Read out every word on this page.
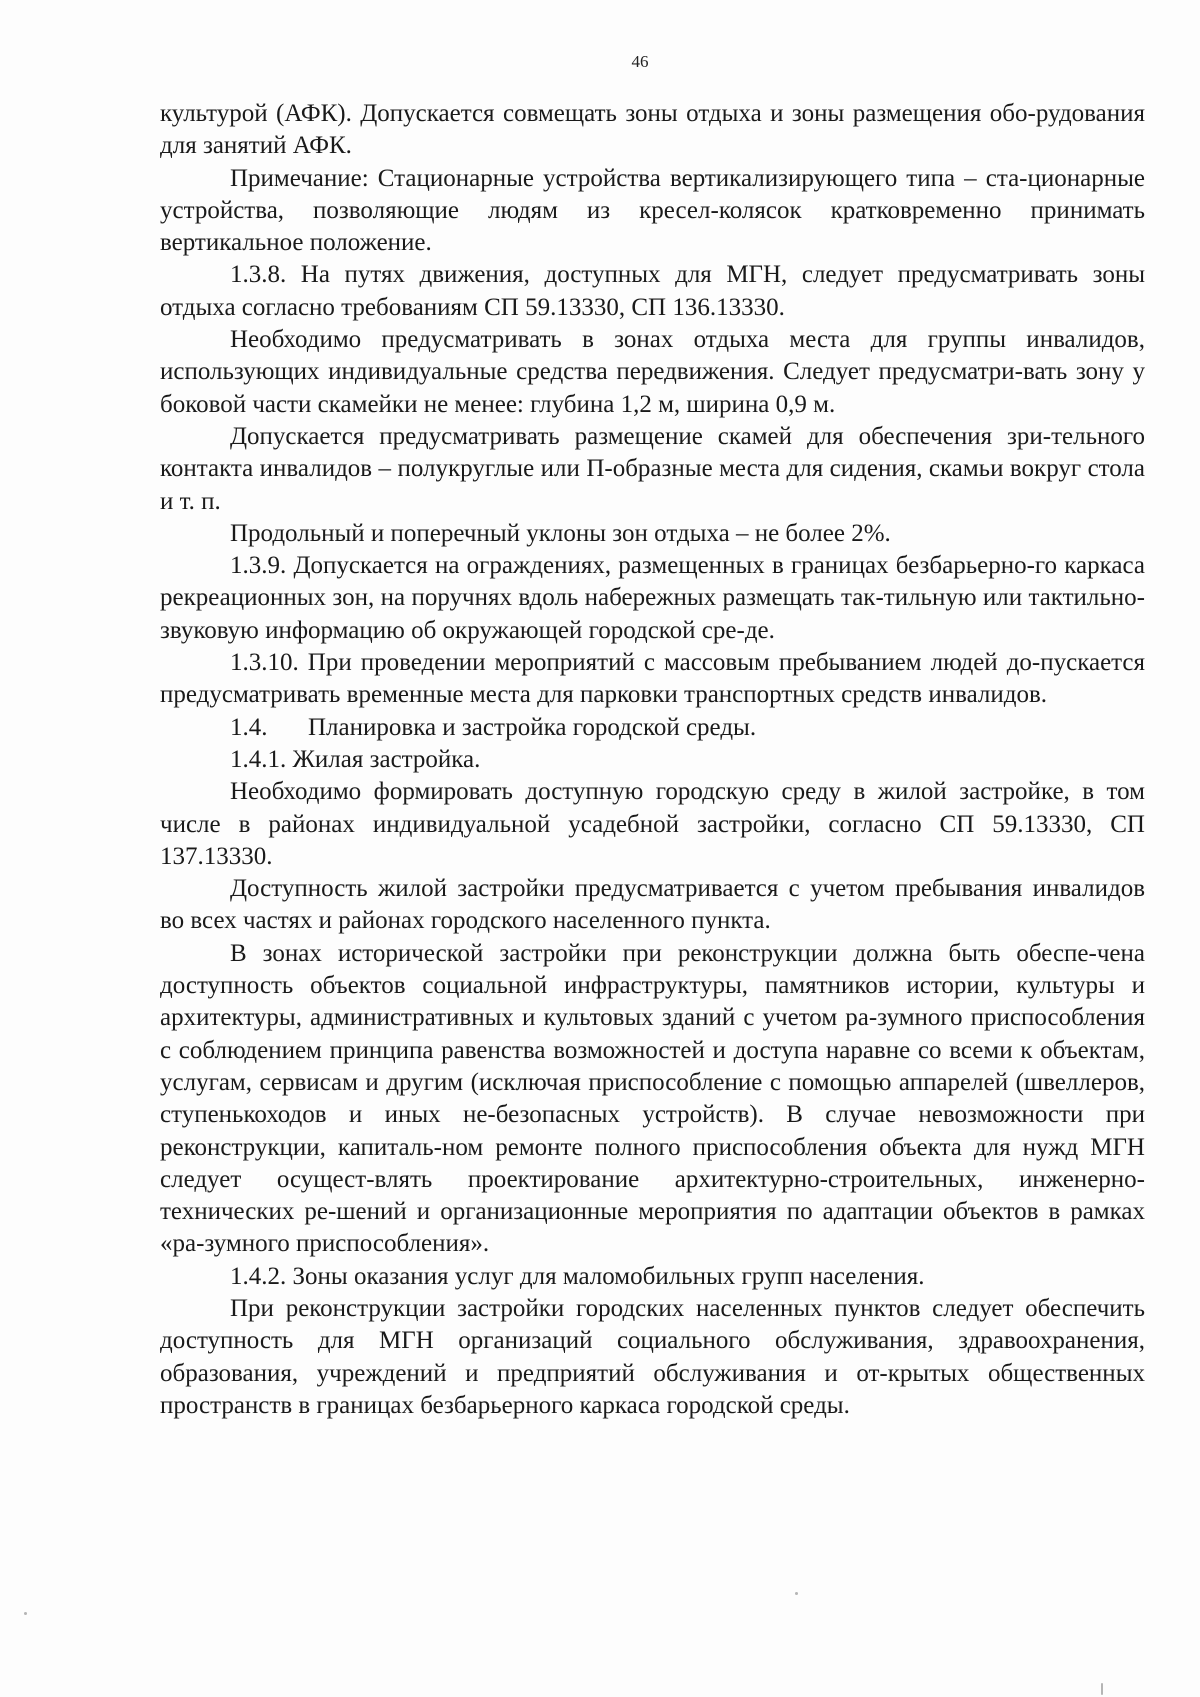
46

культурой (АФК). Допускается совмещать зоны отдыха и зоны размещения обо-рудования для занятий АФК.

Примечание: Стационарные устройства вертикализирующего типа – ста-ционарные устройства, позволяющие людям из кресел-колясок кратковременно принимать вертикальное положение.

1.3.8. На путях движения, доступных для МГН, следует предусматривать зоны отдыха согласно требованиям СП 59.13330, СП 136.13330.

Необходимо предусматривать в зонах отдыха места для группы инвалидов, использующих индивидуальные средства передвижения. Следует предусматри-вать зону у боковой части скамейки не менее: глубина 1,2 м, ширина 0,9 м.

Допускается предусматривать размещение скамей для обеспечения зри-тельного контакта инвалидов – полукруглые или П-образные места для сидения, скамьи вокруг стола и т. п.

Продольный и поперечный уклоны зон отдыха – не более 2%.

1.3.9. Допускается на ограждениях, размещенных в границах безбарьерно-го каркаса рекреационных зон, на поручнях вдоль набережных размещать так-тильную или тактильно-звуковую информацию об окружающей городской сре-де.

1.3.10. При проведении мероприятий с массовым пребыванием людей до-пускается предусматривать временные места для парковки транспортных средств инвалидов.

1.4. Планировка и застройка городской среды.

1.4.1. Жилая застройка.

Необходимо формировать доступную городскую среду в жилой застройке, в том числе в районах индивидуальной усадебной застройки, согласно СП 59.13330, СП 137.13330.

Доступность жилой застройки предусматривается с учетом пребывания инвалидов во всех частях и районах городского населенного пункта.

В зонах исторической застройки при реконструкции должна быть обеспе-чена доступность объектов социальной инфраструктуры, памятников истории, культуры и архитектуры, административных и культовых зданий с учетом ра-зумного приспособления с соблюдением принципа равенства возможностей и доступа наравне со всеми к объектам, услугам, сервисам и другим (исключая приспособление с помощью аппарелей (швеллеров, ступенькоходов и иных не-безопасных устройств). В случае невозможности при реконструкции, капиталь-ном ремонте полного приспособления объекта для нужд МГН следует осущест-влять проектирование архитектурно-строительных, инженерно-технических ре-шений и организационные мероприятия по адаптации объектов в рамках «ра-зумного приспособления».

1.4.2. Зоны оказания услуг для маломобильных групп населения.

При реконструкции застройки городских населенных пунктов следует обеспечить доступность для МГН организаций социального обслуживания, здравоохранения, образования, учреждений и предприятий обслуживания и от-крытых общественных пространств в границах безбарьерного каркаса городской среды.
